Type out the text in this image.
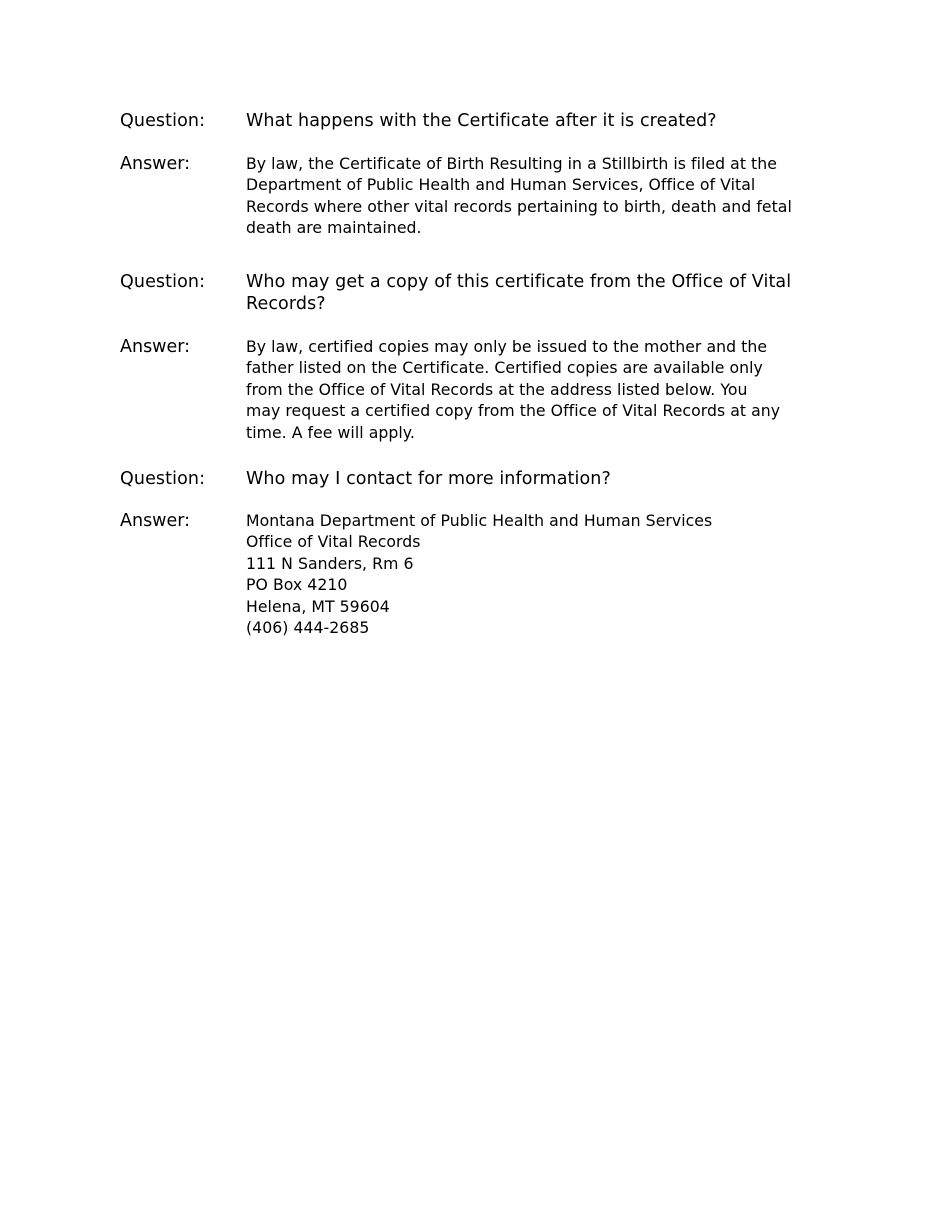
Question:	What happens with the Certificate after it is created?
Answer:	By law, the Certificate of Birth Resulting in a Stillbirth is filed at the
Department of Public Health and Human Services, Office of Vital
Records where other vital records pertaining to birth, death and fetal
death are maintained.
Question:	Who may get a copy of this certificate from the Office of Vital
Records?
Answer:	By law, certified copies may only be issued to the mother and the
father listed on the Certificate. Certified copies are available only
from the Office of Vital Records at the address listed below. You
may request a certified copy from the Office of Vital Records at any
time. A fee will apply.
Question:	Who may I contact for more information?
Answer:	Montana Department of Public Health and Human Services
Office of Vital Records
111 N Sanders, Rm 6
PO Box 4210
Helena, MT 59604
(406) 444-2685
